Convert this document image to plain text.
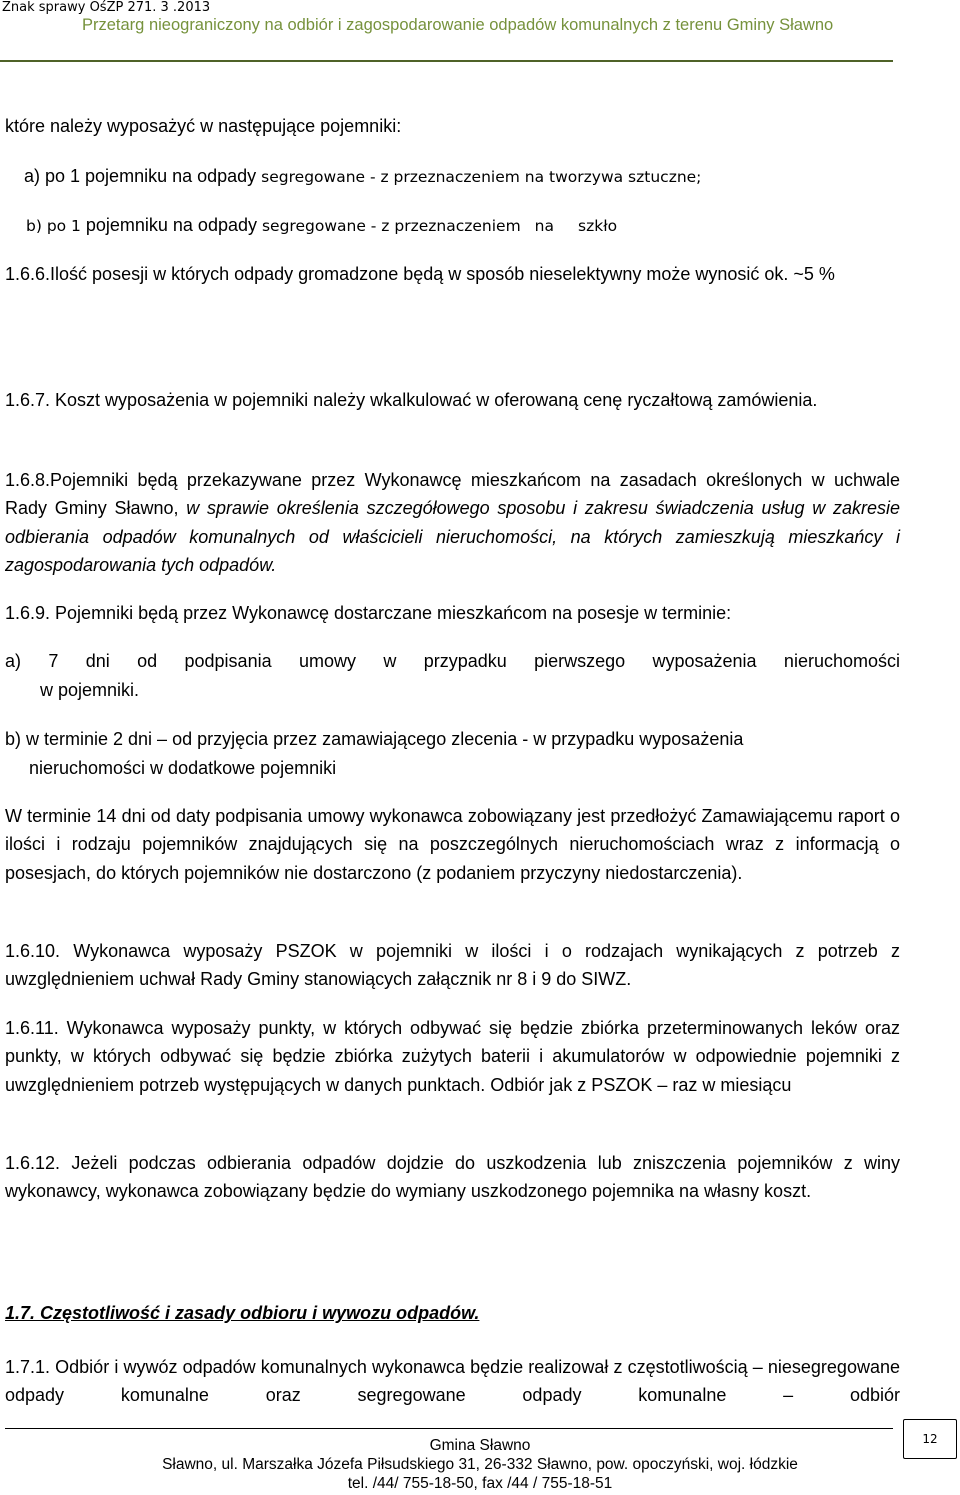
Znak sprawy OśZP 271. 3 .2013
Przetarg nieograniczony na odbiór i zagospodarowanie odpadów komunalnych z terenu Gminy Sławno

które należy wyposażyć w następujące pojemniki:

a) po 1 pojemniku na odpady segregowane - z przeznaczeniem na tworzywa sztuczne;

b) po 1 pojemniku na odpady segregowane - z przeznaczeniem na szkło

1.6.6.Ilość posesji w których odpady gromadzone będą w sposób nieselektywny może wynosić ok. ~5 %

1.6.7. Koszt wyposażenia w pojemniki należy wkalkulować w oferowaną cenę ryczałtową zamówienia.

1.6.8.Pojemniki będą przekazywane przez Wykonawcę mieszkańcom na zasadach określonych w uchwale Rady Gminy Sławno, w sprawie określenia szczegółowego sposobu i zakresu świadczenia usług w zakresie odbierania odpadów komunalnych od właścicieli nieruchomości, na których zamieszkują mieszkańcy i zagospodarowania tych odpadów.

1.6.9. Pojemniki będą przez Wykonawcę dostarczane mieszkańcom na posesje w terminie:

a) 7 dni od podpisania umowy w przypadku pierwszego wyposażenia nieruchomości

w pojemniki.

b) w terminie 2 dni – od przyjęcia przez zamawiającego zlecenia - w przypadku wyposażenia

nieruchomości w dodatkowe pojemniki

W terminie 14 dni od daty podpisania umowy wykonawca zobowiązany jest przedłożyć Zamawiającemu raport o ilości i rodzaju pojemników znajdujących się na poszczególnych nieruchomościach wraz z informacją o posesjach, do których pojemników nie dostarczono (z podaniem przyczyny niedostarczenia).

1.6.10. Wykonawca wyposaży PSZOK w pojemniki w ilości i o rodzajach wynikających z potrzeb z uwzględnieniem uchwał Rady Gminy stanowiących załącznik nr 8 i 9 do SIWZ.

1.6.11. Wykonawca wyposaży punkty, w których odbywać się będzie zbiórka przeterminowanych leków oraz punkty, w których odbywać się będzie zbiórka zużytych baterii i akumulatorów w odpowiednie pojemniki z uwzględnieniem potrzeb występujących w danych punktach. Odbiór jak z PSZOK – raz w miesiącu

1.6.12. Jeżeli podczas odbierania odpadów dojdzie do uszkodzenia lub zniszczenia pojemników z winy wykonawcy, wykonawca zobowiązany będzie do wymiany uszkodzonego pojemnika na własny koszt.

1.7. Częstotliwość i zasady odbioru i wywozu odpadów.

1.7.1. Odbiór i wywóz odpadów komunalnych wykonawca będzie realizował z częstotliwością – niesegregowane odpady komunalne oraz segregowane odpady komunalne – odbiór

Gmina Sławno
Sławno, ul. Marszałka Józefa Piłsudskiego 31, 26-332 Sławno, pow. opoczyński, woj. łódzkie
tel. /44/ 755-18-50, fax /44 / 755-18-51
12
